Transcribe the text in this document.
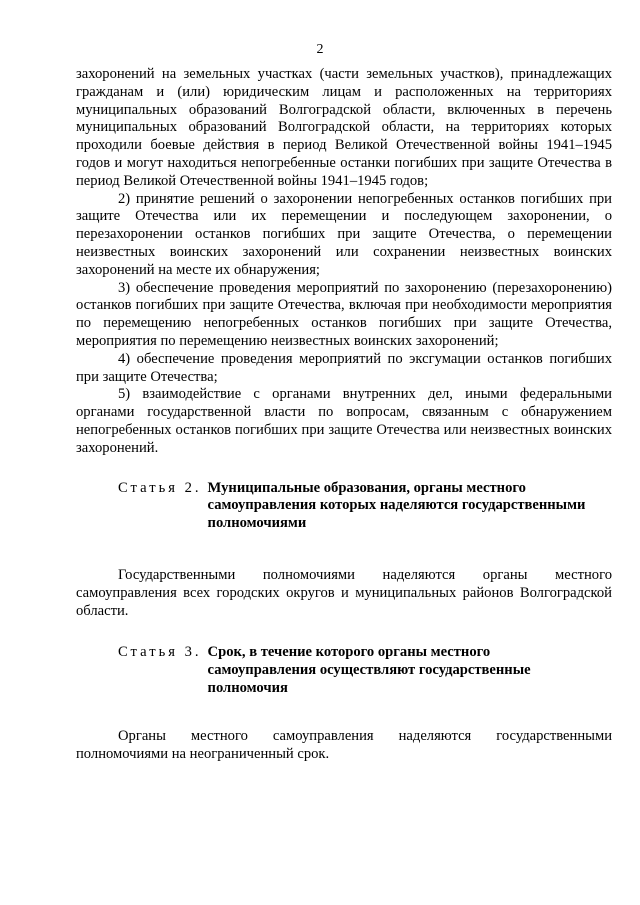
2

захоронений на земельных участках (части земельных участков), принадлежащих гражданам и (или) юридическим лицам и расположенных на территориях муниципальных образований Волгоградской области, включенных в перечень муниципальных образований Волгоградской области, на территориях которых проходили боевые действия в период Великой Отечественной войны 1941–1945 годов и могут находиться непогребенные останки погибших при защите Отечества в период Великой Отечественной войны 1941–1945 годов;

2) принятие решений о захоронении непогребенных останков погибших при защите Отечества или их перемещении и последующем захоронении, о перезахоронении останков погибших при защите Отечества, о перемещении неизвестных воинских захоронений или сохранении неизвестных воинских захоронений на месте их обнаружения;

3) обеспечение проведения мероприятий по захоронению (перезахоронению) останков погибших при защите Отечества, включая при необходимости мероприятия по перемещению непогребенных останков погибших при защите Отечества, мероприятия по перемещению неизвестных воинских захоронений;

4) обеспечение проведения мероприятий по эксгумации останков погибших при защите Отечества;

5) взаимодействие с органами внутренних дел, иными федеральными органами государственной власти по вопросам, связанным с обнаружением непогребенных останков погибших при защите Отечества или неизвестных воинских захоронений.

Статья 2. Муниципальные образования, органы местного
самоуправления которых наделяются государственными
полномочиями

Государственными полномочиями наделяются органы местного самоуправления всех городских округов и муниципальных районов Волгоградской области.

Статья 3. Срок, в течение которого органы местного
самоуправления осуществляют государственные
полномочия

Органы местного самоуправления наделяются государственными полномочиями на неограниченный срок.
